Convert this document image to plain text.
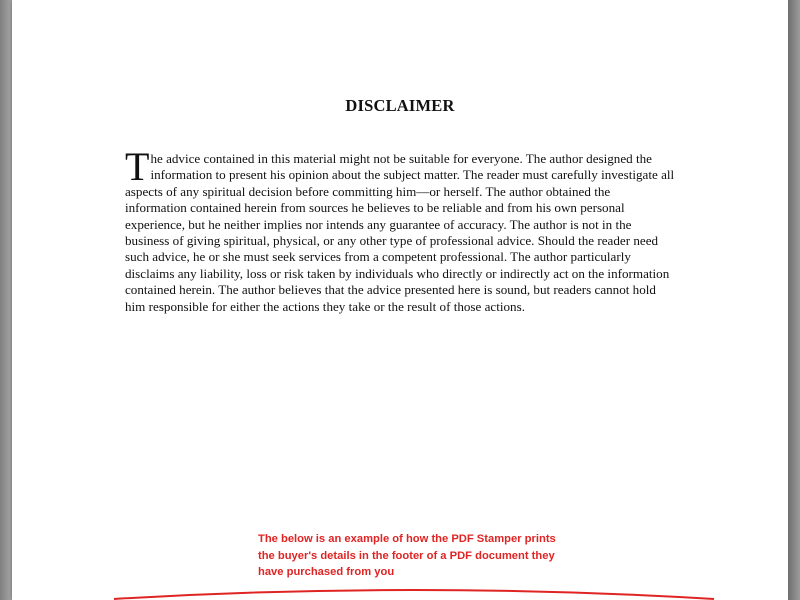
DISCLAIMER
The advice contained in this material might not be suitable for everyone. The author designed the information to present his opinion about the subject matter. The reader must carefully investigate all aspects of any spiritual decision before committing him—or herself. The author obtained the information contained herein from sources he believes to be reliable and from his own personal experience, but he neither implies nor intends any guarantee of accuracy. The author is not in the business of giving spiritual, physical, or any other type of professional advice. Should the reader need such advice, he or she must seek services from a competent professional. The author particularly disclaims any liability, loss or risk taken by individuals who directly or indirectly act on the information contained herein. The author believes that the advice presented here is sound, but readers cannot hold him responsible for either the actions they take or the result of those actions.
The below is an example of how the PDF Stamper prints
the buyer's details in the footer of a PDF document they
have purchased from you
